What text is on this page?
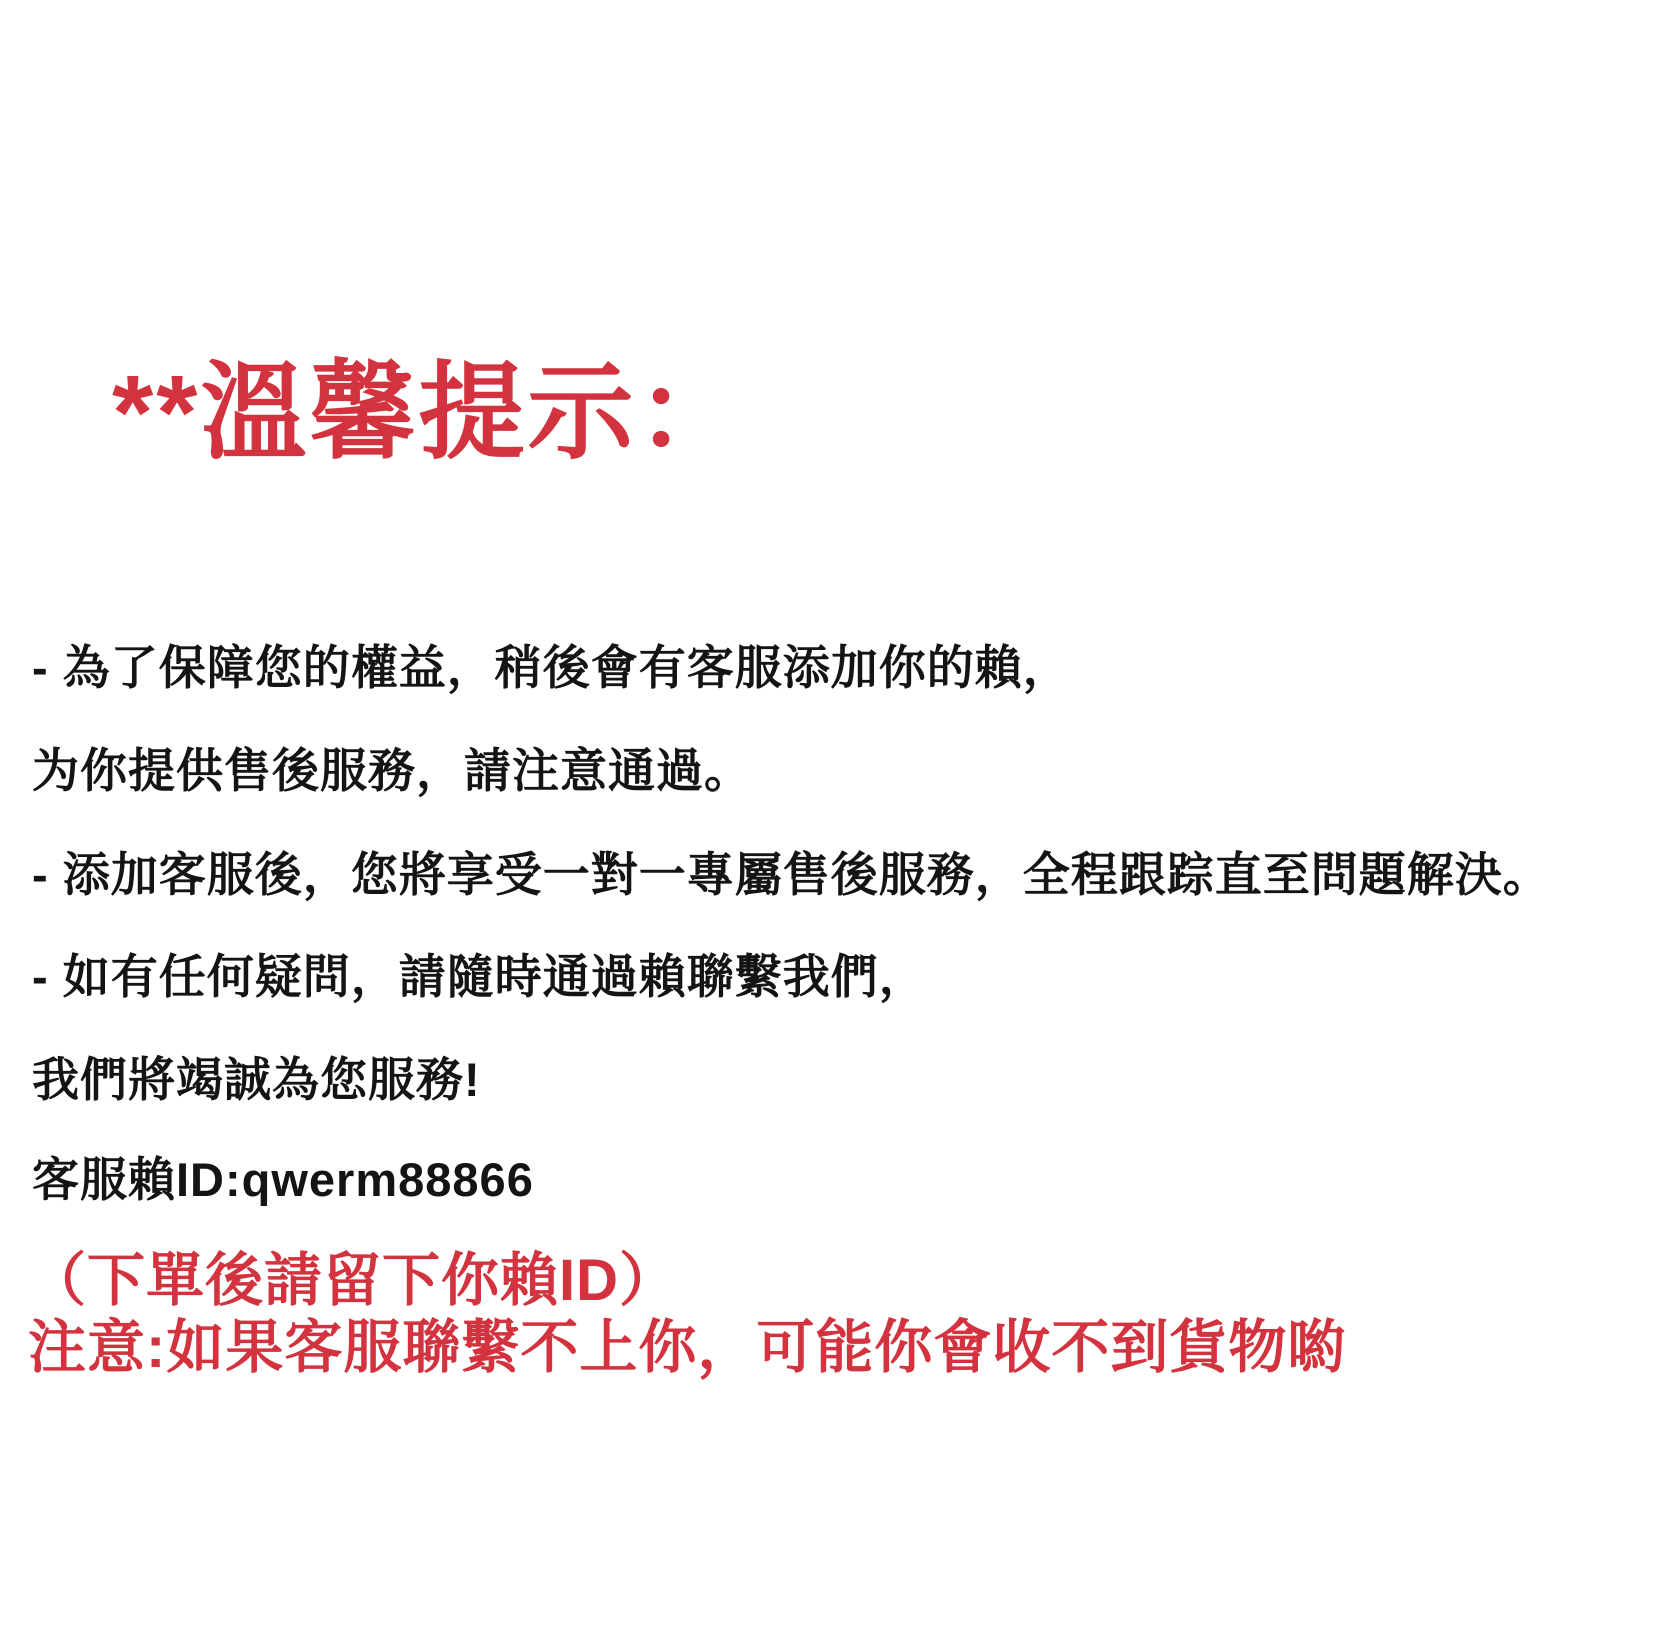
**溫馨提示：

- 為了保障您的權益，稍後會有客服添加你的賴，

为你提供售後服務，請注意通過。

- 添加客服後，您將享受一對一專屬售後服務，全程跟踪直至問題解決。

- 如有任何疑問，請隨時通過賴聯繫我們，

我們將竭誠為您服務!

客服賴ID:qwerm88866

（下單後請留下你賴ID）

注意:如果客服聯繫不上你，可能你會收不到貨物喲
